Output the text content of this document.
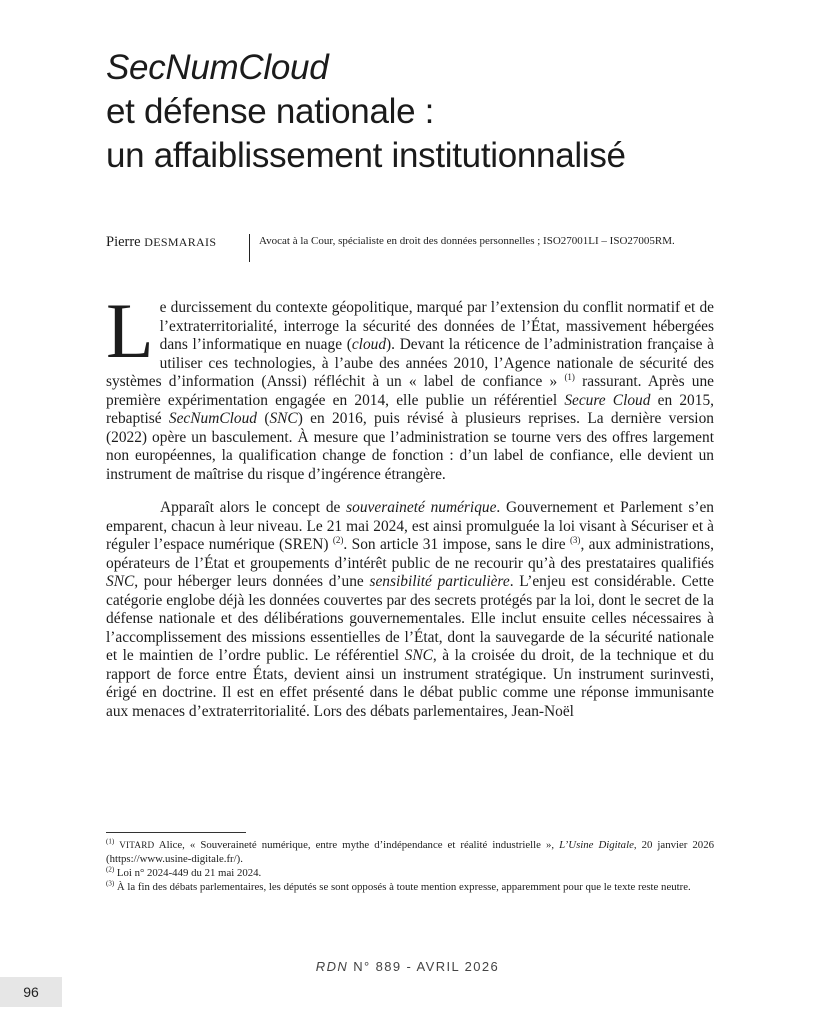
SecNumCloud
et défense nationale :
un affaiblissement institutionnalisé
Pierre DESMARAIS	Avocat à la Cour, spécialiste en droit des données personnelles ; ISO27001LI – ISO27005RM.

Le durcissement du contexte géopolitique, marqué par l’extension du conflit normatif et de l’extraterritorialité, interroge la sécurité des données de l’État, massivement hébergées dans l’informatique en nuage (cloud). Devant la réticence de l’administration française à utiliser ces technologies, à l’aube des années 2010, l’Agence nationale de sécurité des systèmes d’information (Anssi) réfléchit à un « label de confiance » $^{(1)}$ rassurant. Après une première expérimentation engagée en 2014, elle publie un référentiel Secure Cloud en 2015, rebaptisé SecNumCloud (SNC) en 2016, puis révisé à plusieurs reprises. La dernière version (2022) opère un basculement. À mesure que l’administration se tourne vers des offres largement non européennes, la qualification change de fonction : d’un label de confiance, elle devient un instrument de maîtrise du risque d’ingérence étrangère.

Apparaît alors le concept de souveraineté numérique. Gouvernement et Parlement s’en emparent, chacun à leur niveau. Le 21 mai 2024, est ainsi promulguée la loi visant à Sécuriser et à réguler l’espace numérique (SREN) $^{(2)}$. Son article 31 impose, sans le dire $^{(3)}$, aux administrations, opérateurs de l’État et groupements d’intérêt public de ne recourir qu’à des prestataires qualifiés SNC, pour héberger leurs données d’une sensibilité particulière. L’enjeu est considérable. Cette catégorie englobe déjà les données couvertes par des secrets protégés par la loi, dont le secret de la défense nationale et des délibérations gouvernementales. Elle inclut ensuite celles nécessaires à l’accomplissement des missions essentielles de l’État, dont la sauvegarde de la sécurité nationale et le maintien de l’ordre public. Le référentiel SNC, à la croisée du droit, de la technique et du rapport de force entre États, devient ainsi un instrument stratégique. Un instrument surinvesti, érigé en doctrine. Il est en effet présenté dans le débat public comme une réponse immunisante aux menaces d’extraterritorialité. Lors des débats parlementaires, Jean-Noël

$^{(1)}$ VITARD Alice, « Souveraineté numérique, entre mythe d’indépendance et réalité industrielle », L’Usine Digitale, 20 janvier 2026 (https://www.usine-digitale.fr/).

$^{(2)}$ Loi n° 2024-449 du 21 mai 2024.

$^{(3)}$ À la fin des débats parlementaires, les députés se sont opposés à toute mention expresse, apparemment pour que le texte reste neutre.

RDN N° 889 - AVRIL 2026
96
